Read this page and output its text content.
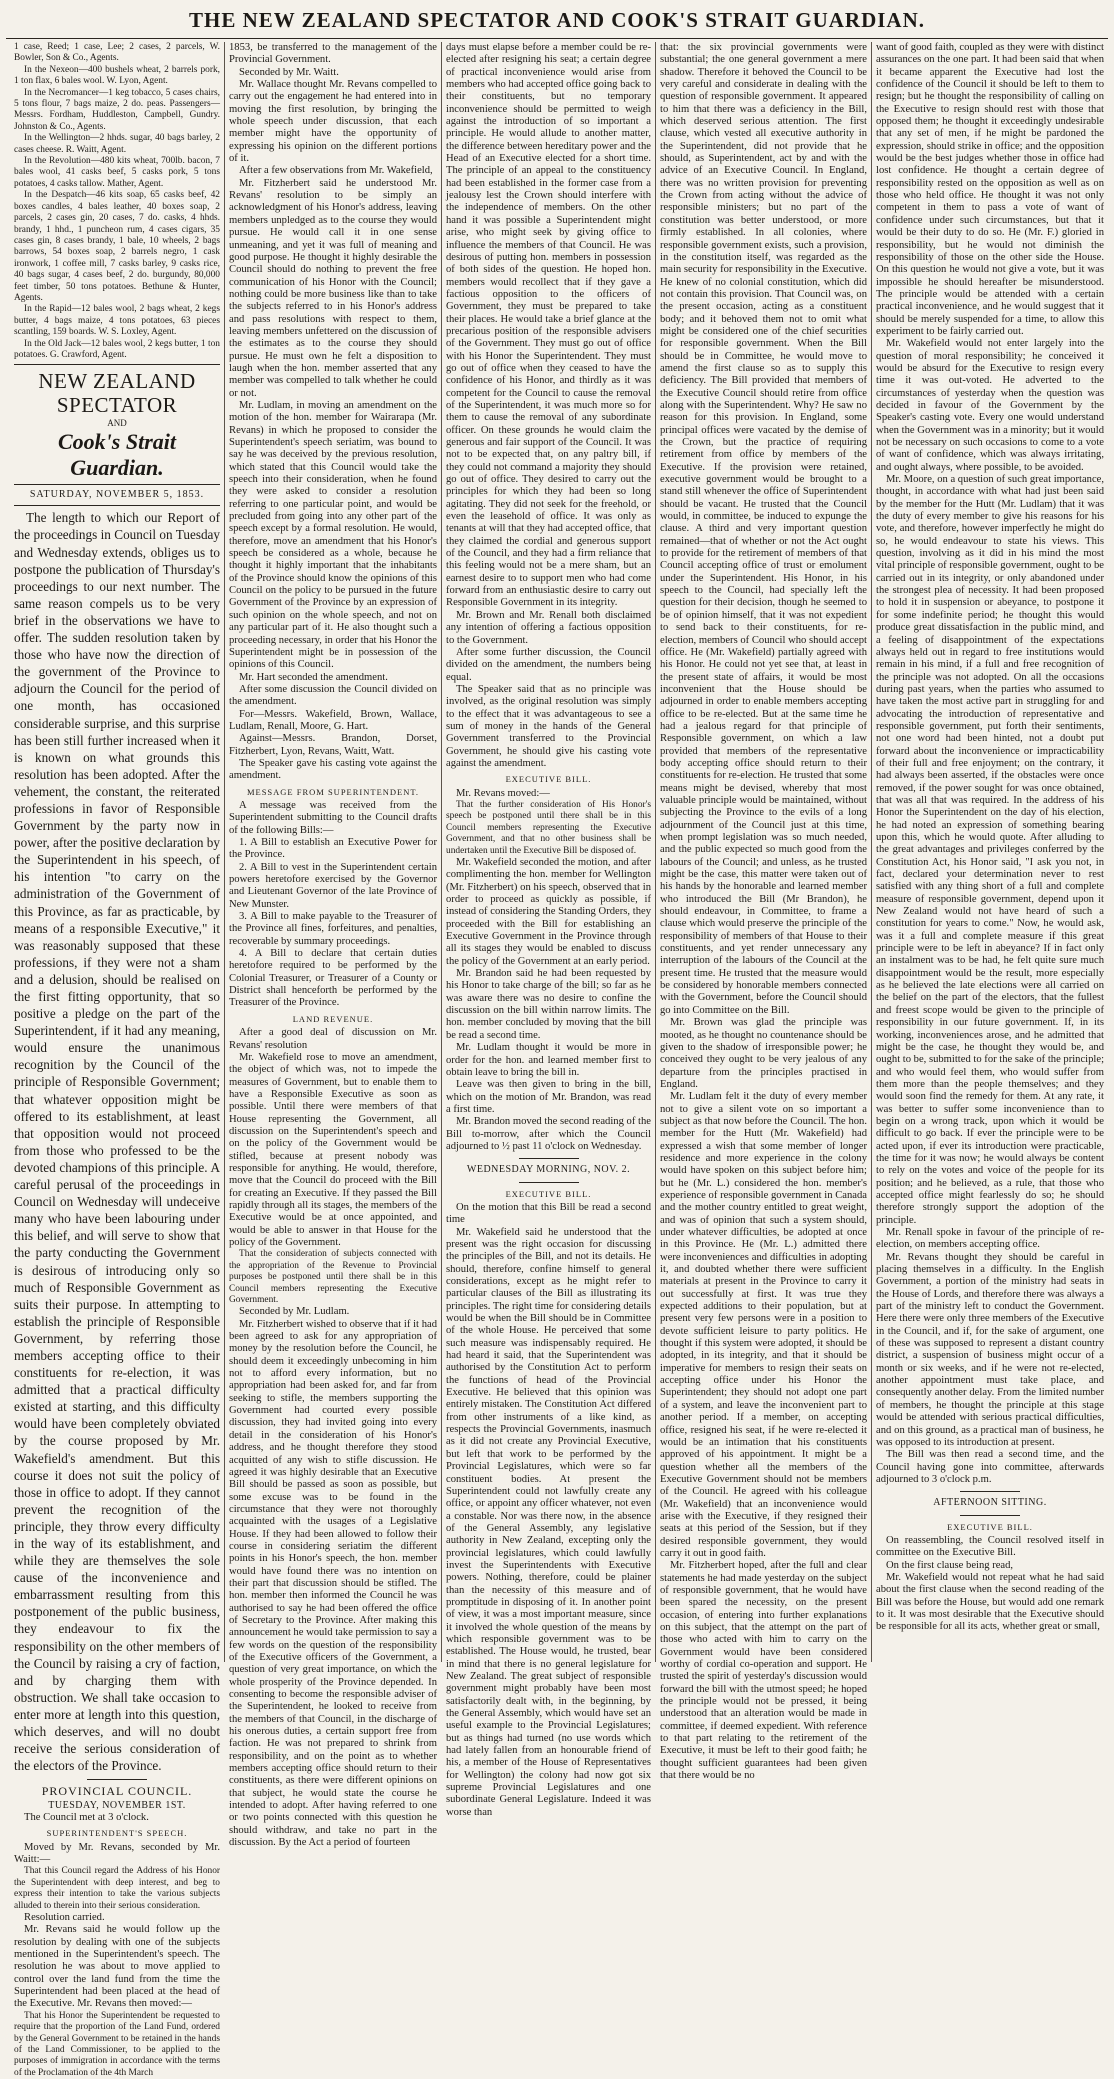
THE NEW ZEALAND SPECTATOR AND COOK'S STRAIT GUARDIAN.

1 case, Reed; 1 case, Lee; 2 cases, 2 parcels, W. Bowler, Son & Co., Agents.

In the Nexeon—400 bushels wheat, 2 barrels pork, 1 ton flax, 6 bales wool. W. Lyon, Agent.

In the Necromancer—1 keg tobacco, 5 cases chairs, 5 tons flour, 7 bags maize, 2 do. peas. Passengers—Messrs. Fordham, Huddleston, Campbell, Gundry. Johnston & Co., Agents.

In the Wellington—2 hhds. sugar, 40 bags barley, 2 cases cheese. R. Waitt, Agent.

In the Revolution—480 kits wheat, 700lb. bacon, 7 bales wool, 41 casks beef, 5 casks pork, 5 tons potatoes, 4 casks tallow. Mather, Agent.

In the Despatch—46 kits soap, 65 casks beef, 42 boxes candles, 4 bales leather, 40 boxes soap, 2 parcels, 2 cases gin, 20 cases, 7 do. casks, 4 hhds. brandy, 1 hhd., 1 puncheon rum, 4 cases cigars, 35 cases gin, 8 cases brandy, 1 bale, 10 wheels, 2 bags barrows, 54 boxes soap, 2 barrels negro, 1 cask ironwork, 1 coffee mill, 7 casks barley, 9 casks rice, 40 bags sugar, 4 cases beef, 2 do. burgundy, 80,000 feet timber, 50 tons potatoes. Bethune & Hunter, Agents.

In the Rapid—12 bales wool, 2 bags wheat, 2 kegs butter, 4 bags maize, 4 tons potatoes, 63 pieces scantling, 159 boards. W. S. Loxley, Agent.

In the Old Jack—12 bales wool, 2 kegs butter, 1 ton potatoes. G. Crawford, Agent.

NEW ZEALAND SPECTATOR
AND
Cook's Strait Guardian.
SATURDAY, NOVEMBER 5, 1853.

The length to which our Report of the proceedings in Council on Tuesday and Wednesday extends, obliges us to postpone the publication of Thursday's proceedings to our next number. The same reason compels us to be very brief in the observations we have to offer. The sudden resolution taken by those who have now the direction of the government of the Province to adjourn the Council for the period of one month, has occasioned considerable surprise, and this surprise has been still further increased when it is known on what grounds this resolution has been adopted. After the vehement, the constant, the reiterated professions in favor of Responsible Government by the party now in power, after the positive declaration by the Superintendent in his speech, of his intention "to carry on the administration of the Government of this Province, as far as practicable, by means of a responsible Executive," it was reasonably supposed that these professions, if they were not a sham and a delusion, should be realised on the first fitting opportunity, that so positive a pledge on the part of the Superintendent, if it had any meaning, would ensure the unanimous recognition by the Council of the principle of Responsible Government; that whatever opposition might be offered to its establishment, at least that opposition would not proceed from those who professed to be the devoted champions of this principle. A careful perusal of the proceedings in Council on Wednesday will undeceive many who have been labouring under this belief, and will serve to show that the party conducting the Government is desirous of introducing only so much of Responsible Government as suits their purpose. In attempting to establish the principle of Responsible Government, by referring those members accepting office to their constituents for re-election, it was admitted that a practical difficulty existed at starting, and this difficulty would have been completely obviated by the course proposed by Mr. Wakefield's amendment. But this course it does not suit the policy of those in office to adopt. If they cannot prevent the recognition of the principle, they throw every difficulty in the way of its establishment, and while they are themselves the sole cause of the inconvenience and embarrassment resulting from this postponement of the public business, they endeavour to fix the responsibility on the other members of the Council by raising a cry of faction, and by charging them with obstruction. We shall take occasion to enter more at length into this question, which deserves, and will no doubt receive the serious consideration of the electors of the Province.

PROVINCIAL COUNCIL.
TUESDAY, NOVEMBER 1ST.

The Council met at 3 o'clock.

SUPERINTENDENT'S SPEECH.

Moved by Mr. Revans, seconded by Mr. Waitt:—

That this Council regard the Address of his Honor the Superintendent with deep interest, and beg to express their intention to take the various subjects alluded to therein into their serious consideration.

Resolution carried.

Mr. Revans said he would follow up the resolution by dealing with one of the subjects mentioned in the Superintendent's speech. The resolution he was about to move applied to control over the land fund from the time the Superintendent had been placed at the head of the Executive. Mr. Revans then moved:—

That his Honor the Superintendent be requested to require that the proportion of the Land Fund, ordered by the General Government to be retained in the hands of the Land Commissioner, to be applied to the purposes of immigration in accordance with the terms of the Proclamation of the 4th March

1853, be transferred to the management of the Provincial Government.

Seconded by Mr. Waitt.

Mr. Wallace thought Mr. Revans compelled to carry out the engagement he had entered into in moving the first resolution, by bringing the whole speech under discussion, that each member might have the opportunity of expressing his opinion on the different portions of it.

After a few observations from Mr. Wakefield,

Mr. Fitzherbert said he understood Mr. Revans' resolution to be simply an acknowledgment of his Honor's address, leaving members unpledged as to the course they would pursue. He would call it in one sense unmeaning, and yet it was full of meaning and good purpose. He thought it highly desirable the Council should do nothing to prevent the free communication of his Honor with the Council; nothing could be more business like than to take the subjects referred to in his Honor's address and pass resolutions with respect to them, leaving members unfettered on the discussion of the estimates as to the course they should pursue. He must own he felt a disposition to laugh when the hon. member asserted that any member was compelled to talk whether he could or not.

Mr. Ludlam, in moving an amendment on the motion of the hon. member for Wairarapa (Mr. Revans) in which he proposed to consider the Superintendent's speech seriatim, was bound to say he was deceived by the previous resolution, which stated that this Council would take the speech into their consideration, when he found they were asked to consider a resolution referring to one particular point, and would be precluded from going into any other part of the speech except by a formal resolution. He would, therefore, move an amendment that his Honor's speech be considered as a whole, because he thought it highly important that the inhabitants of the Province should know the opinions of this Council on the policy to be pursued in the future Government of the Province by an expression of such opinion on the whole speech, and not on any particular part of it. He also thought such a proceeding necessary, in order that his Honor the Superintendent might be in possession of the opinions of this Council.

Mr. Hart seconded the amendment.

After some discussion the Council divided on the amendment.

For—Messrs. Wakefield, Brown, Wallace, Ludlam, Renall, Moore, G. Hart.

Against—Messrs. Brandon, Dorset, Fitzherbert, Lyon, Revans, Waitt, Watt.

The Speaker gave his casting vote against the amendment.

MESSAGE FROM SUPERINTENDENT.

A message was received from the Superintendent submitting to the Council drafts of the following Bills:—

1. A Bill to establish an Executive Power for the Province.

2. A Bill to vest in the Superintendent certain powers heretofore exercised by the Governor and Lieutenant Governor of the late Province of New Munster.

3. A Bill to make payable to the Treasurer of the Province all fines, forfeitures, and penalties, recoverable by summary proceedings.

4. A Bill to declare that certain duties heretofore required to be performed by the Colonial Treasurer, or Treasurer of a County or District shall henceforth be performed by the Treasurer of the Province.

LAND REVENUE.

After a good deal of discussion on Mr. Revans' resolution

Mr. Wakefield rose to move an amendment, the object of which was, not to impede the measures of Government, but to enable them to have a Responsible Executive as soon as possible. Until there were members of that House representing the Government, all discussion on the Superintendent's speech and on the policy of the Government would be stifled, because at present nobody was responsible for anything. He would, therefore, move that the Council do proceed with the Bill for creating an Executive. If they passed the Bill rapidly through all its stages, the members of the Executive would be at once appointed, and would be able to answer in that House for the policy of the Government.

That the consideration of subjects connected with the appropriation of the Revenue to Provincial purposes be postponed until there shall be in this Council members representing the Executive Government.

Seconded by Mr. Ludlam.

Mr. Fitzherbert wished to observe that if it had been agreed to ask for any appropriation of money by the resolution before the Council, he should deem it exceedingly unbecoming in him not to afford every information, but no appropriation had been asked for, and far from seeking to stifle, the members supporting the Government had courted every possible discussion, they had invited going into every detail in the consideration of his Honor's address, and he thought therefore they stood acquitted of any wish to stifle discussion. He agreed it was highly desirable that an Executive Bill should be passed as soon as possible, but some excuse was to be found in the circumstance that they were not thoroughly acquainted with the usages of a Legislative House. If they had been allowed to follow their course in considering seriatim the different points in his Honor's speech, the hon. member would have found there was no intention on their part that discussion should be stifled. The hon. member then informed the Council he was authorised to say he had been offered the office of Secretary to the Province. After making this announcement he would take permission to say a few words on the question of the responsibility of the Executive officers of the Government, a question of very great importance, on which the whole prosperity of the Province depended. In consenting to become the responsible adviser of the Superintendent, he looked to receive from the members of that Council, in the discharge of his onerous duties, a certain support free from faction. He was not prepared to shrink from responsibility, and on the point as to whether members accepting office should return to their constituents, as there were different opinions on that subject, he would state the course he intended to adopt. After having referred to one or two points connected with this question he should withdraw, and take no part in the discussion. By the Act a period of fourteen

days must elapse before a member could be re-elected after resigning his seat; a certain degree of practical inconvenience would arise from members who had accepted office going back to their constituents, but no temporary inconvenience should be permitted to weigh against the introduction of so important a principle. He would allude to another matter, the difference between hereditary power and the Head of an Executive elected for a short time. The principle of an appeal to the constituency had been established in the former case from a jealousy lest the Crown should interfere with the independence of members. On the other hand it was possible a Superintendent might arise, who might seek by giving office to influence the members of that Council. He was desirous of putting hon. members in possession of both sides of the question. He hoped hon. members would recollect that if they gave a factious opposition to the officers of Government, they must be prepared to take their places. He would take a brief glance at the precarious position of the responsible advisers of the Government. They must go out of office with his Honor the Superintendent. They must go out of office when they ceased to have the confidence of his Honor, and thirdly as it was competent for the Council to cause the removal of the Superintendent, it was much more so for them to cause the removal of any subordinate officer. On these grounds he would claim the generous and fair support of the Council. It was not to be expected that, on any paltry bill, if they could not command a majority they should go out of office. They desired to carry out the principles for which they had been so long agitating. They did not seek for the freehold, or even the leasehold of office. It was only as tenants at will that they had accepted office, that they claimed the cordial and generous support of the Council, and they had a firm reliance that this feeling would not be a mere sham, but an earnest desire to to support men who had come forward from an enthusiastic desire to carry out Responsible Government in its integrity.

Mr. Brown and Mr. Renall both disclaimed any intention of offering a factious opposition to the Government.

After some further discussion, the Council divided on the amendment, the numbers being equal.

The Speaker said that as no principle was involved, as the original resolution was simply to the effect that it was advantageous to see a sum of money in the hands of the General Government transferred to the Provincial Government, he should give his casting vote against the amendment.

EXECUTIVE BILL.

Mr. Revans moved:—

That the further consideration of His Honor's speech be postponed until there shall be in this Council members representing the Executive Government, and that no other business shall be undertaken until the Executive Bill be disposed of.

Mr. Wakefield seconded the motion, and after complimenting the hon. member for Wellington (Mr. Fitzherbert) on his speech, observed that in order to proceed as quickly as possible, if instead of considering the Standing Orders, they proceeded with the Bill for establishing an Executive Government in the Province through all its stages they would be enabled to discuss the policy of the Government at an early period.

Mr. Brandon said he had been requested by his Honor to take charge of the bill; so far as he was aware there was no desire to confine the discussion on the bill within narrow limits. The hon. member concluded by moving that the bill be read a second time.

Mr. Ludlam thought it would be more in order for the hon. and learned member first to obtain leave to bring the bill in.

Leave was then given to bring in the bill, which on the motion of Mr. Brandon, was read a first time.

Mr. Brandon moved the second reading of the Bill to-morrow, after which the Council adjourned to ½ past 11 o'clock on Wednesday.

WEDNESDAY MORNING, NOV. 2.
EXECUTIVE BILL.

On the motion that this Bill be read a second time

Mr. Wakefield said he understood that the present was the right occasion for discussing the principles of the Bill, and not its details. He should, therefore, confine himself to general considerations, except as he might refer to particular clauses of the Bill as illustrating its principles. The right time for considering details would be when the Bill should be in Committee of the whole House. He perceived that some such measure was indispensably required. He had heard it said, that the Superintendent was authorised by the Constitution Act to perform the functions of head of the Provincial Executive. He believed that this opinion was entirely mistaken. The Constitution Act differed from other instruments of a like kind, as respects the Provincial Governments, inasmuch as it did not create any Provincial Executive, but left that work to be performed by the Provincial Legislatures, which were so far constituent bodies. At present the Superintendent could not lawfully create any office, or appoint any officer whatever, not even a constable. Nor was there now, in the absence of the General Assembly, any legislative authority in New Zealand, excepting only the provincial legislatures, which could lawfully invest the Superintendents with Executive powers. Nothing, therefore, could be plainer than the necessity of this measure and of promptitude in disposing of it. In another point of view, it was a most important measure, since it involved the whole question of the means by which responsible government was to be established. The House would, he trusted, bear in mind that there is no general legislature for New Zealand. The great subject of responsible government might probably have been most satisfactorily dealt with, in the beginning, by the General Assembly, which would have set an useful example to the Provincial Legislatures; but as things had turned (no use words which had lately fallen from an honourable friend of his, a member of the House of Representatives for Wellington) the colony had now got six supreme Provincial Legislatures and one subordinate General Legislature. Indeed it was worse than

that: the six provincial governments were substantial; the one general government a mere shadow. Therefore it behoved the Council to be very careful and considerate in dealing with the question of responsible government. It appeared to him that there was a deficiency in the Bill, which deserved serious attention. The first clause, which vested all executive authority in the Superintendent, did not provide that he should, as Superintendent, act by and with the advice of an Executive Council. In England, there was no written provision for preventing the Crown from acting without the advice of responsible ministers; but no part of the constitution was better understood, or more firmly established. In all colonies, where responsible government exists, such a provision, in the constitution itself, was regarded as the main security for responsibility in the Executive. He knew of no colonial constitution, which did not contain this provision. That Council was, on the present occasion, acting as a constituent body; and it behoved them not to omit what might be considered one of the chief securities for responsible government. When the Bill should be in Committee, he would move to amend the first clause so as to supply this deficiency. The Bill provided that members of the Executive Council should retire from office along with the Superintendent. Why? He saw no reason for this provision. In England, some principal offices were vacated by the demise of the Crown, but the practice of requiring retirement from office by members of the Executive. If the provision were retained, executive government would be brought to a stand still whenever the office of Superintendent should be vacant. He trusted that the Council would, in committee, be induced to expunge the clause. A third and very important question remained—that of whether or not the Act ought to provide for the retirement of members of that Council accepting office of trust or emolument under the Superintendent. His Honor, in his speech to the Council, had specially left the question for their decision, though he seemed to be of opinion himself, that it was not expedient to send back to their constituents, for re-election, members of Council who should accept office. He (Mr. Wakefield) partially agreed with his Honor. He could not yet see that, at least in the present state of affairs, it would be most inconvenient that the House should be adjourned in order to enable members accepting office to be re-elected. But at the same time he had a jealous regard for that principle of Responsible government, on which a law provided that members of the representative body accepting office should return to their constituents for re-election. He trusted that some means might be devised, whereby that most valuable principle would be maintained, without subjecting the Province to the evils of a long adjournment of the Council just at this time, when prompt legislation was so much needed, and the public expected so much good from the labours of the Council; and unless, as he trusted might be the case, this matter were taken out of his hands by the honorable and learned member who introduced the Bill (Mr Brandon), he should endeavour, in Committee, to frame a clause which would preserve the principle of the responsibility of members of that House to their constituents, and yet render unnecessary any interruption of the labours of the Council at the present time. He trusted that the measure would be considered by honorable members connected with the Government, before the Council should go into Committee on the Bill.

Mr. Brown was glad the principle was mooted, as he thought no countenance should be given to the shadow of irresponsible power; he conceived they ought to be very jealous of any departure from the principles practised in England.

Mr. Ludlam felt it the duty of every member not to give a silent vote on so important a subject as that now before the Council. The hon. member for the Hutt (Mr. Wakefield) had expressed a wish that some member of longer residence and more experience in the colony would have spoken on this subject before him; but he (Mr. L.) considered the hon. member's experience of responsible government in Canada and the mother country entitled to great weight, and was of opinion that such a system should, under whatever difficulties, be adopted at once in this Province. He (Mr. L.) admitted there were inconveniences and difficulties in adopting it, and doubted whether there were sufficient materials at present in the Province to carry it out successfully at first. It was true they expected additions to their population, but at present very few persons were in a position to devote sufficient leisure to party politics. He thought if this system were adopted, it should be adopted, in its integrity, and that it should be imperative for members to resign their seats on accepting office under his Honor the Superintendent; they should not adopt one part of a system, and leave the inconvenient part to another period. If a member, on accepting office, resigned his seat, if he were re-elected it would be an intimation that his constituents approved of his appointment. It might be a question whether all the members of the Executive Government should not be members of the Council. He agreed with his colleague (Mr. Wakefield) that an inconvenience would arise with the Executive, if they resigned their seats at this period of the Session, but if they desired responsible government, they would carry it out in good faith.

Mr. Fitzherbert hoped, after the full and clear statements he had made yesterday on the subject of responsible government, that he would have been spared the necessity, on the present occasion, of entering into further explanations on this subject, that the attempt on the part of those who acted with him to carry on the Government would have been considered worthy of cordial co-operation and support. He trusted the spirit of yesterday's discussion would forward the bill with the utmost speed; he hoped the principle would not be pressed, it being understood that an alteration would be made in committee, if deemed expedient. With reference to that part relating to the retirement of the Executive, it must be left to their good faith; he thought sufficient guarantees had been given that there would be no

want of good faith, coupled as they were with distinct assurances on the one part. It had been said that when it became apparent the Executive had lost the confidence of the Council it should be left to them to resign; but he thought the responsibility of calling on the Executive to resign should rest with those that opposed them; he thought it exceedingly undesirable that any set of men, if he might be pardoned the expression, should strike in office; and the opposition would be the best judges whether those in office had lost confidence. He thought a certain degree of responsibility rested on the opposition as well as on those who held office. He thought it was not only competent in them to pass a vote of want of confidence under such circumstances, but that it would be their duty to do so. He (Mr. F.) gloried in responsibility, but he would not diminish the responsibility of those on the other side the House. On this question he would not give a vote, but it was impossible he should hereafter be misunderstood. The principle would be attended with a certain practical inconvenience, and he would suggest that it should be merely suspended for a time, to allow this experiment to be fairly carried out.

Mr. Wakefield would not enter largely into the question of moral responsibility; he conceived it would be absurd for the Executive to resign every time it was out-voted. He adverted to the circumstances of yesterday when the question was decided in favour of the Government by the Speaker's casting vote. Every one would understand when the Government was in a minority; but it would not be necessary on such occasions to come to a vote of want of confidence, which was always irritating, and ought always, where possible, to be avoided.

Mr. Moore, on a question of such great importance, thought, in accordance with what had just been said by the member for the Hutt (Mr. Ludlam) that it was the duty of every member to give his reasons for his vote, and therefore, however imperfectly he might do so, he would endeavour to state his views. This question, involving as it did in his mind the most vital principle of responsible government, ought to be carried out in its integrity, or only abandoned under the strongest plea of necessity. It had been proposed to hold it in suspension or abeyance, to postpone it for some indefinite period; he thought this would produce great dissatisfaction in the public mind, and a feeling of disappointment of the expectations always held out in regard to free institutions would remain in his mind, if a full and free recognition of the principle was not adopted. On all the occasions during past years, when the parties who assumed to have taken the most active part in struggling for and advocating the introduction of representative and responsible government, put forth their sentiments, not one word had been hinted, not a doubt put forward about the inconvenience or impracticability of their full and free enjoyment; on the contrary, it had always been asserted, if the obstacles were once removed, if the power sought for was once obtained, that was all that was required. In the address of his Honor the Superintendent on the day of his election, he had noted an expression of something bearing upon this, which he would quote. After alluding to the great advantages and privileges conferred by the Constitution Act, his Honor said, "I ask you not, in fact, declared your determination never to rest satisfied with any thing short of a full and complete measure of responsible government, depend upon it New Zealand would not have heard of such a constitution for years to come." Now, he would ask, was it a full and complete measure if this great principle were to be left in abeyance? If in fact only an instalment was to be had, he felt quite sure much disappointment would be the result, more especially as he believed the late elections were all carried on the belief on the part of the electors, that the fullest and freest scope would be given to the principle of responsibility in our future government. If, in its working, inconveniences arose, and he admitted that might be the case, he thought they would be, and ought to be, submitted to for the sake of the principle; and who would feel them, who would suffer from them more than the people themselves; and they would soon find the remedy for them. At any rate, it was better to suffer some inconvenience than to begin on a wrong track, upon which it would be difficult to go back. If ever the principle were to be acted upon, if ever its introduction were practicable, the time for it was now; he would always be content to rely on the votes and voice of the people for its position; and he believed, as a rule, that those who accepted office might fearlessly do so; he should therefore strongly support the adoption of the principle.

Mr. Renall spoke in favour of the principle of re-election, on members accepting office.

Mr. Revans thought they should be careful in placing themselves in a difficulty. In the English Government, a portion of the ministry had seats in the House of Lords, and therefore there was always a part of the ministry left to conduct the Government. Here there were only three members of the Executive in the Council, and if, for the sake of argument, one of these was supposed to represent a distant country district, a suspension of business might occur of a month or six weeks, and if he were not re-elected, another appointment must take place, and consequently another delay. From the limited number of members, he thought the principle at this stage would be attended with serious practical difficulties, and on this ground, as a practical man of business, he was opposed to its introduction at present.

The Bill was then read a second time, and the Council having gone into committee, afterwards adjourned to 3 o'clock p.m.

AFTERNOON SITTING.
EXECUTIVE BILL.

On reassembling, the Council resolved itself in committee on the Executive Bill.

On the first clause being read,

Mr. Wakefield would not repeat what he had said about the first clause when the second reading of the Bill was before the House, but would add one remark to it. It was most desirable that the Executive should be responsible for all its acts, whether great or small,
